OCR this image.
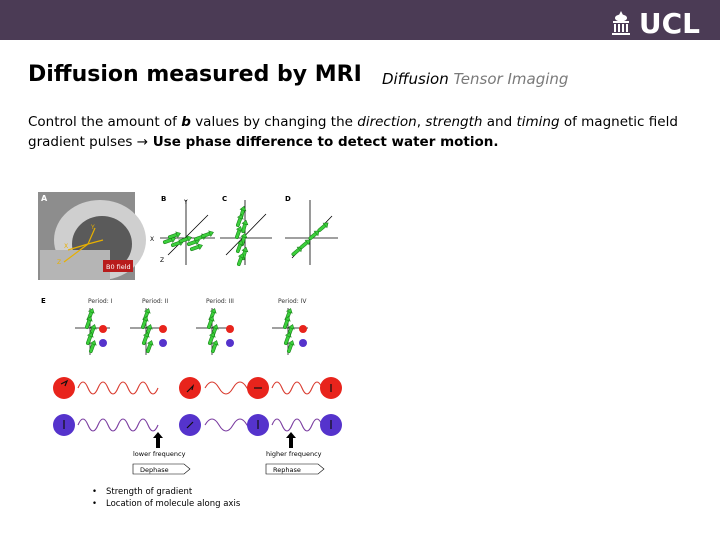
UCL
Diffusion measured by MRI Diffusion Tensor Imaging
Control the amount of b values by changing the direction, strength and timing of magnetic field gradient pulses → Use phase difference to detect water motion.
A
Y
X
Z
B0 field
B	Y
X
Z
C	D
E	Period: I	Period: II	Period: III	Period: IV
lower frequency	higher frequency
Dephase	Rephase
• Strength of gradient
• Location of molecule along axis
